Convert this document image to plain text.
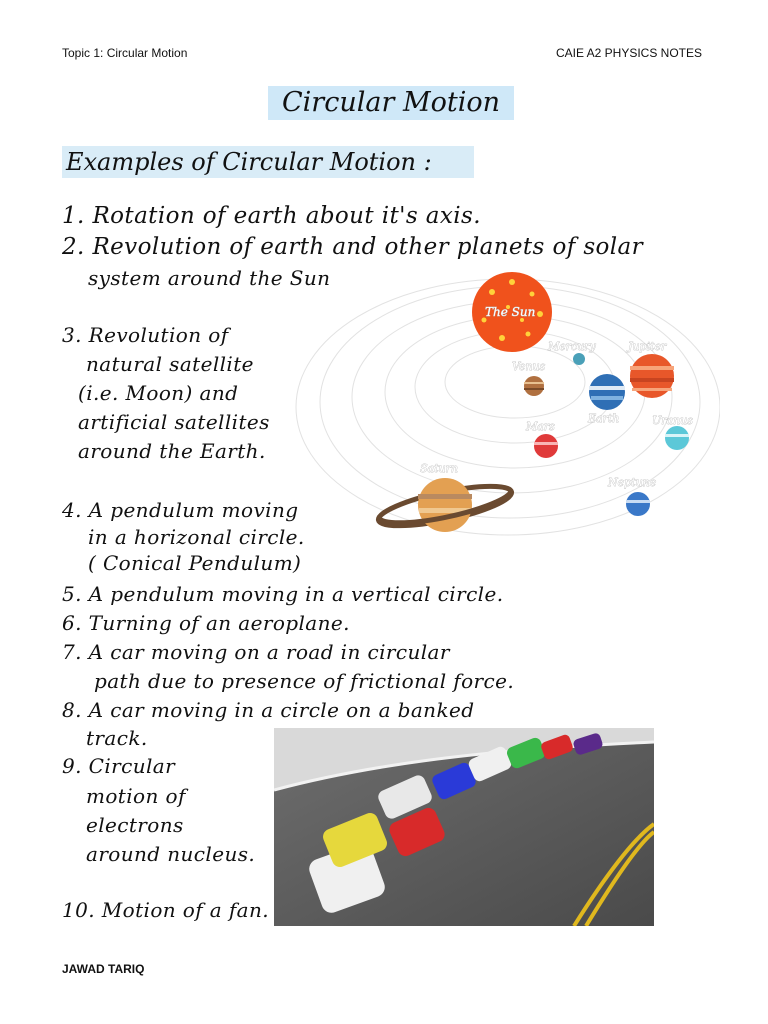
Topic 1: Circular Motion	CAIE A2 PHYSICS NOTES
Circular Motion
Examples of Circular Motion :
1. Rotation of earth about it's axis.
2. Revolution of earth and other planets of solar
system around the Sun
3. Revolution of
natural satellite
(i.e. Moon) and
artificial satellites
around the Earth.
4. A pendulum moving
in a horizonal circle.
( Conical Pendulum)
5. A pendulum moving in a vertical circle.
6. Turning of an aeroplane.
7. A car moving on a road in circular
path due to presence of frictional force.
8. A car moving in a circle on a banked
track.
9. Circular
motion of
electrons
around nucleus.
10. Motion of a fan.
The Sun
Mercury	Jupiter
Venus
Earth	Uranus
Mars
Saturn
Neptune
JAWAD TARIQ
